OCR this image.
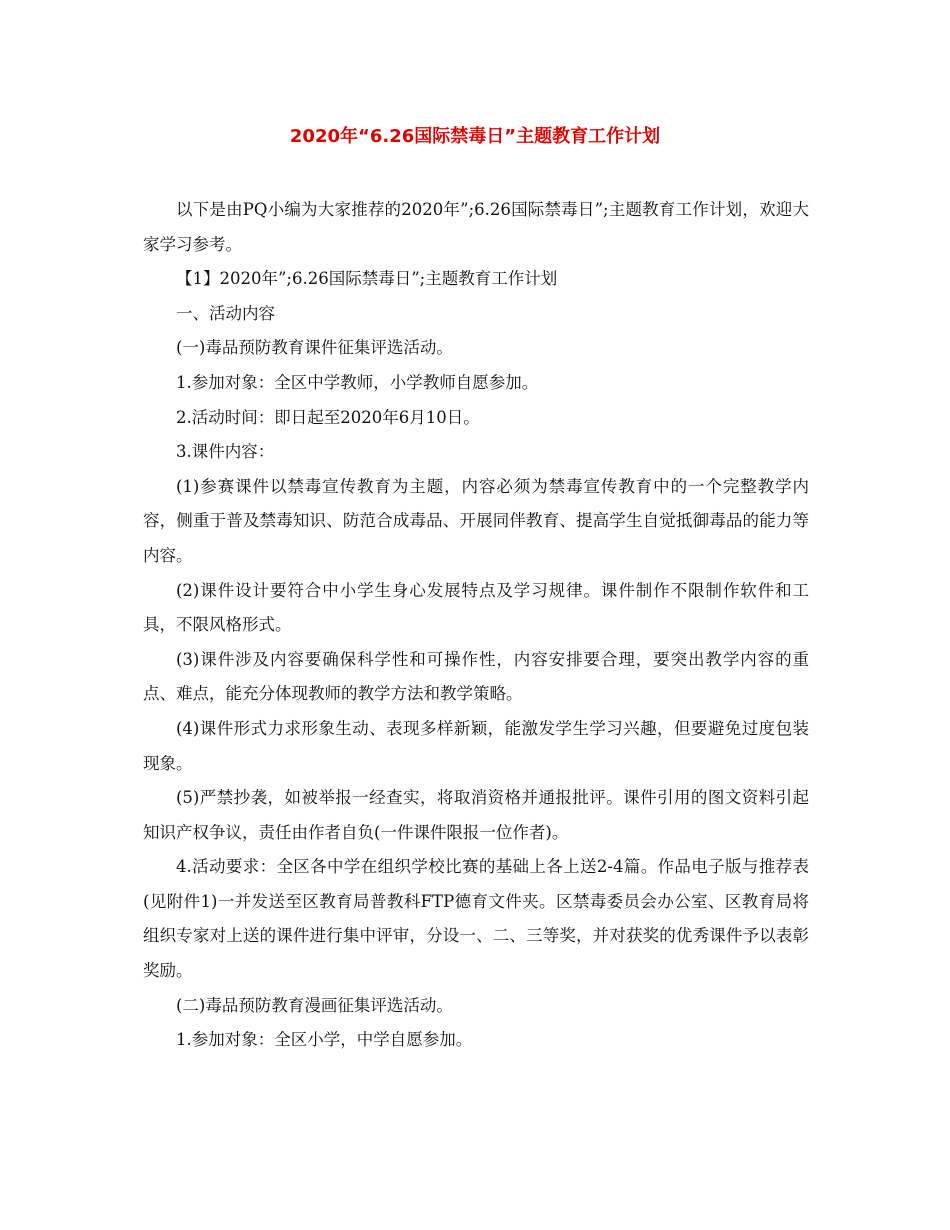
2020年“6.26国际禁毒日”主题教育工作计划

以下是由PQ小编为大家推荐的2020年”;6.26国际禁毒日”;主题教育工作计划，欢迎大家学习参考。

【1】2020年”;6.26国际禁毒日”;主题教育工作计划

一、活动内容

(一)毒品预防教育课件征集评选活动。

1.参加对象：全区中学教师，小学教师自愿参加。

2.活动时间：即日起至2020年6月10日。

3.课件内容：

(1)参赛课件以禁毒宣传教育为主题，内容必须为禁毒宣传教育中的一个完整教学内容，侧重于普及禁毒知识、防范合成毒品、开展同伴教育、提高学生自觉抵御毒品的能力等内容。

(2)课件设计要符合中小学生身心发展特点及学习规律。课件制作不限制作软件和工具，不限风格形式。

(3)课件涉及内容要确保科学性和可操作性，内容安排要合理，要突出教学内容的重点、难点，能充分体现教师的教学方法和教学策略。

(4)课件形式力求形象生动、表现多样新颖，能激发学生学习兴趣，但要避免过度包装现象。

(5)严禁抄袭，如被举报一经查实，将取消资格并通报批评。课件引用的图文资料引起知识产权争议，责任由作者自负(一件课件限报一位作者)。

4.活动要求：全区各中学在组织学校比赛的基础上各上送2-4篇。作品电子版与推荐表(见附件1)一并发送至区教育局普教科FTP德育文件夹。区禁毒委员会办公室、区教育局将组织专家对上送的课件进行集中评审，分设一、二、三等奖，并对获奖的优秀课件予以表彰奖励。

(二)毒品预防教育漫画征集评选活动。

1.参加对象：全区小学，中学自愿参加。
